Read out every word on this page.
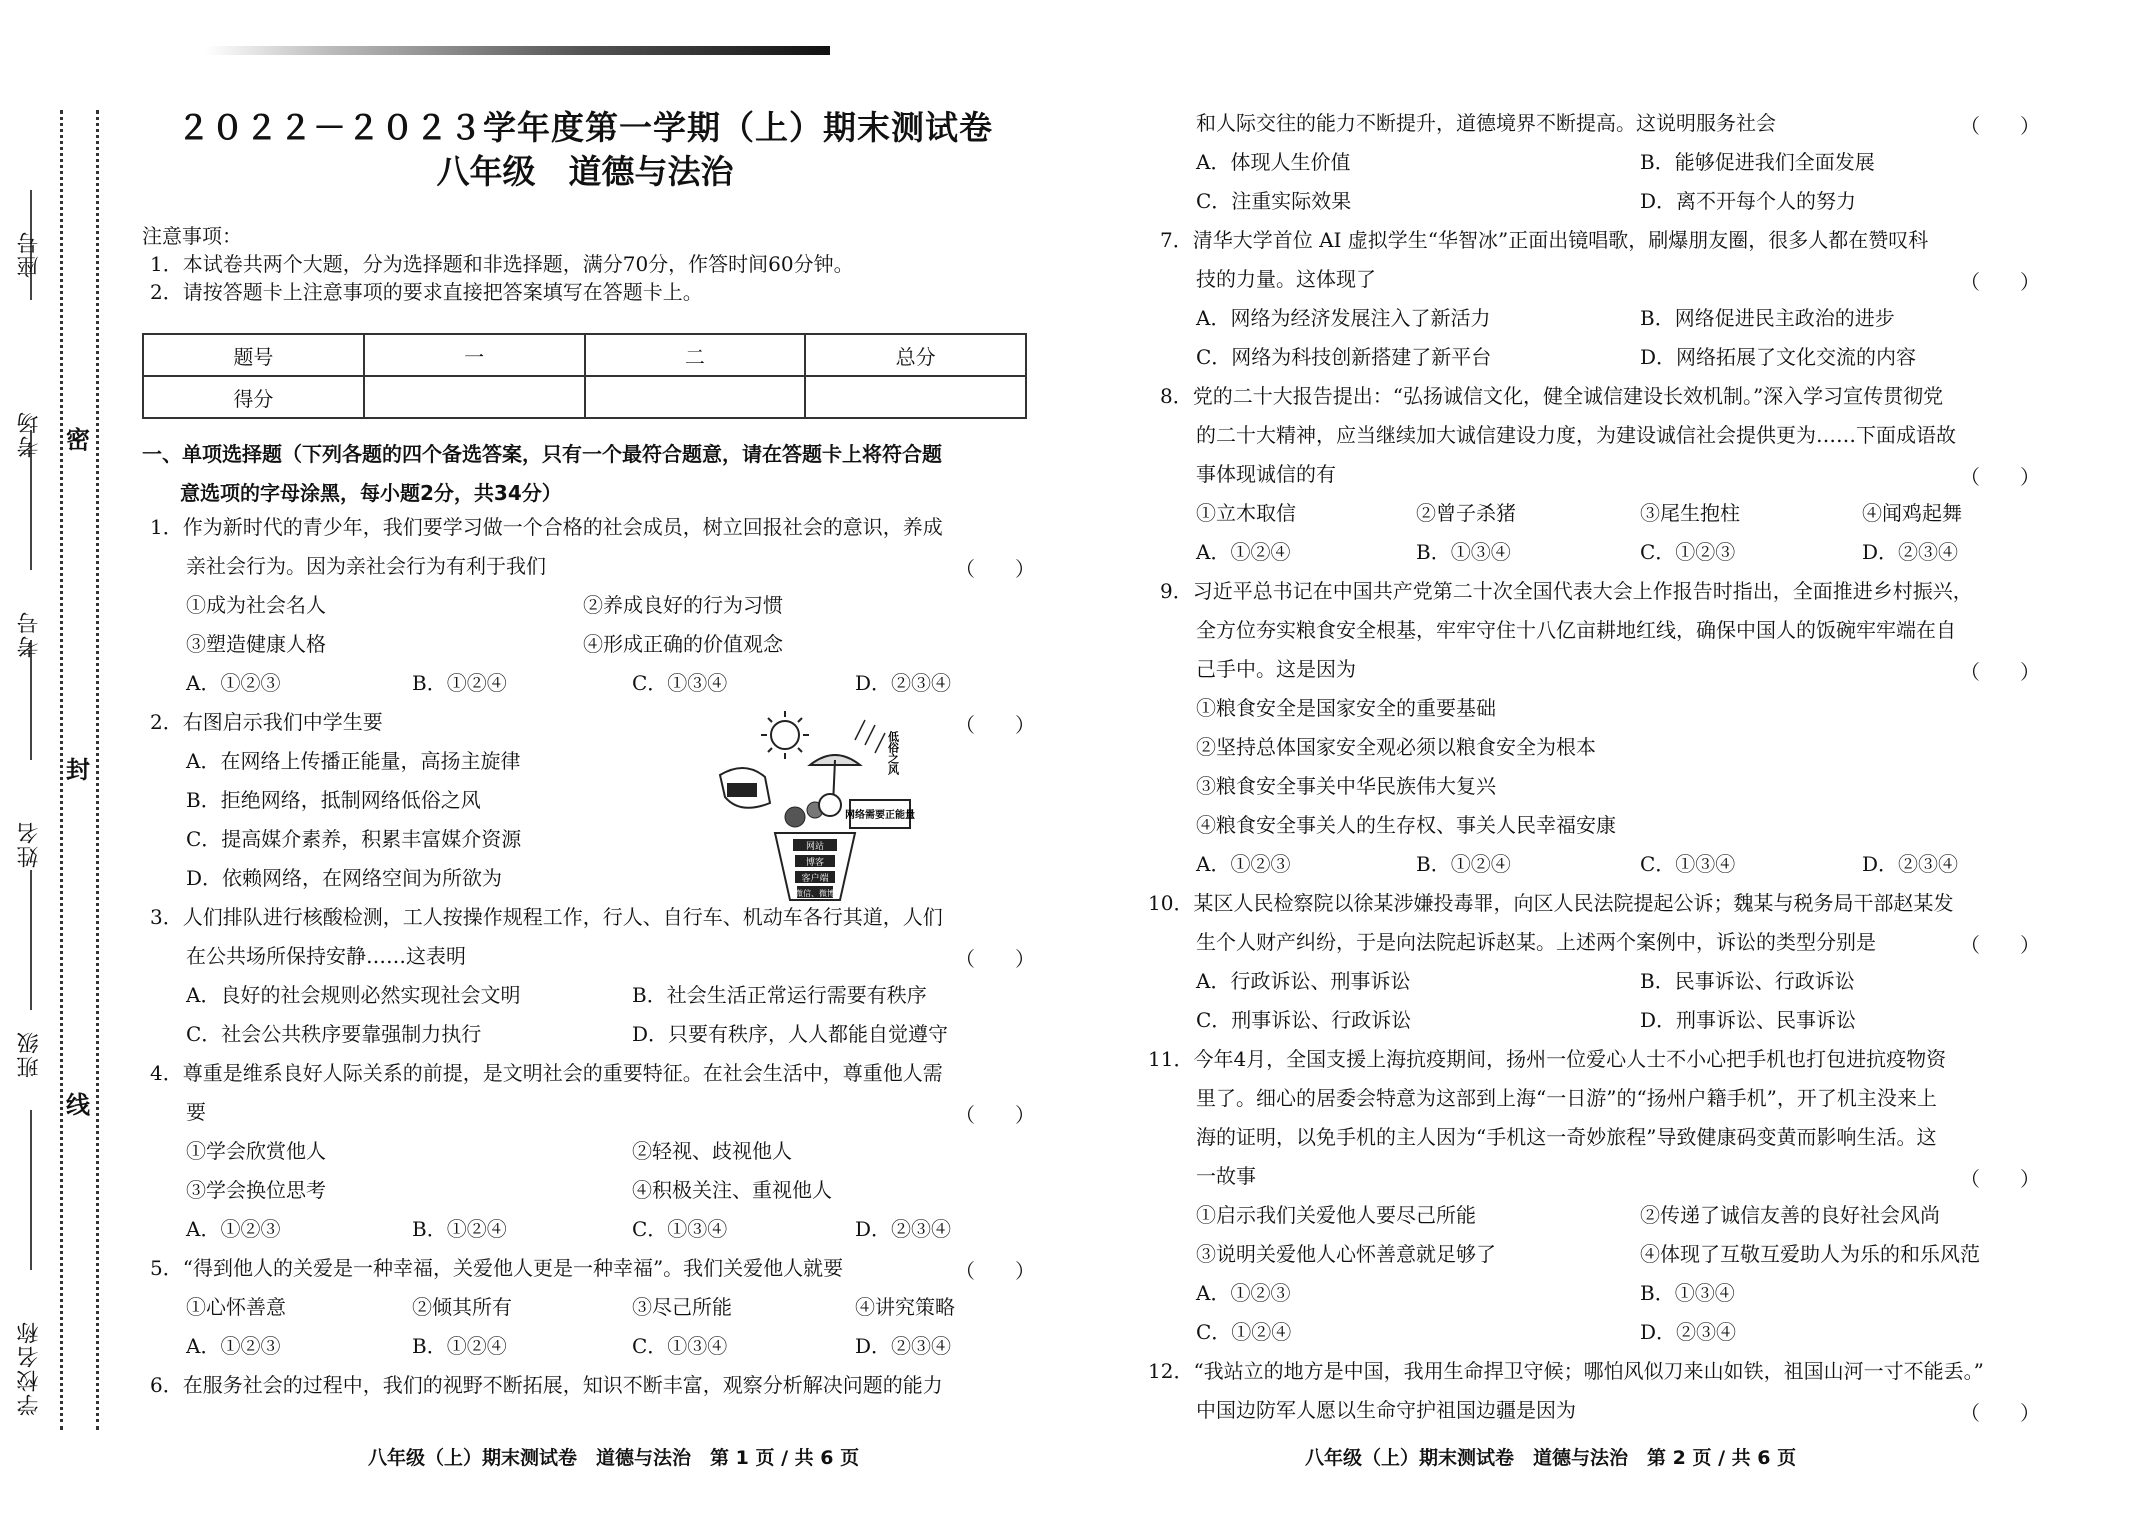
座号
考场
考号
姓名
班级
学校名称
密
封
线
２０２２－２０２３学年度第一学期（上）期末测试卷
八年级　道德与法治
注意事项：
1．本试卷共两个大题，分为选择题和非选择题，满分70分，作答时间60分钟。
2．请按答题卡上注意事项的要求直接把答案填写在答题卡上。
题号	一	二	总分
得分			
一、单项选择题（下列各题的四个备选答案，只有一个最符合题意，请在答题卡上将符合题
意选项的字母涂黑，每小题2分，共34分）
1．作为新时代的青少年，我们要学习做一个合格的社会成员，树立回报社会的意识，养成
亲社会行为。因为亲社会行为有利于我们
①成为社会名人	②养成良好的行为习惯
③塑造健康人格	④形成正确的价值观念
A．①②③	B．①②④	C．①③④	D．②③④
2．右图启示我们中学生要
A．在网络上传播正能量，高扬主旋律
B．拒绝网络，抵制网络低俗之风
C．提高媒介素养，积累丰富媒介资源
D．依赖网络，在网络空间为所欲为
3．人们排队进行核酸检测，工人按操作规程工作，行人、自行车、机动车各行其道，人们
在公共场所保持安静……这表明
A．良好的社会规则必然实现社会文明	B．社会生活正常运行需要有秩序
C．社会公共秩序要靠强制力执行	D．只要有秩序，人人都能自觉遵守
4．尊重是维系良好人际关系的前提，是文明社会的重要特征。在社会生活中，尊重他人需
要
①学会欣赏他人	②轻视、歧视他人
③学会换位思考	④积极关注、重视他人
A．①②③	B．①②④	C．①③④	D．②③④
5．“得到他人的关爱是一种幸福，关爱他人更是一种幸福”。我们关爱他人就要
①心怀善意	②倾其所有	③尽己所能	④讲究策略
A．①②③	B．①②④	C．①③④	D．②③④
6．在服务社会的过程中，我们的视野不断拓展，知识不断丰富，观察分析解决问题的能力
（　　）
（　　）
（　　）
（　　）
（　　）
和人际交往的能力不断提升，道德境界不断提高。这说明服务社会
A．体现人生价值	B．能够促进我们全面发展
C．注重实际效果	D．离不开每个人的努力
7．清华大学首位 AI 虚拟学生“华智冰”正面出镜唱歌，刷爆朋友圈，很多人都在赞叹科
技的力量。这体现了
A．网络为经济发展注入了新活力	B．网络促进民主政治的进步
C．网络为科技创新搭建了新平台	D．网络拓展了文化交流的内容
8．党的二十大报告提出：“弘扬诚信文化，健全诚信建设长效机制。”深入学习宣传贯彻党
的二十大精神，应当继续加大诚信建设力度，为建设诚信社会提供更为……下面成语故
事体现诚信的有
①立木取信	②曾子杀猪	③尾生抱柱	④闻鸡起舞
A．①②④	B．①③④	C．①②③	D．②③④
9．习近平总书记在中国共产党第二十次全国代表大会上作报告时指出，全面推进乡村振兴，
全方位夯实粮食安全根基，牢牢守住十八亿亩耕地红线，确保中国人的饭碗牢牢端在自
己手中。这是因为
①粮食安全是国家安全的重要基础
②坚持总体国家安全观必须以粮食安全为根本
③粮食安全事关中华民族伟大复兴
④粮食安全事关人的生存权、事关人民幸福安康
A．①②③	B．①②④	C．①③④	D．②③④
10．某区人民检察院以徐某涉嫌投毒罪，向区人民法院提起公诉；魏某与税务局干部赵某发
生个人财产纠纷，于是向法院起诉赵某。上述两个案例中，诉讼的类型分别是
A．行政诉讼、刑事诉讼	B．民事诉讼、行政诉讼
C．刑事诉讼、行政诉讼	D．刑事诉讼、民事诉讼
11．今年4月，全国支援上海抗疫期间，扬州一位爱心人士不小心把手机也打包进抗疫物资
里了。细心的居委会特意为这部到上海“一日游”的“扬州户籍手机”，开了机主没来上
海的证明，以免手机的主人因为“手机这一奇妙旅程”导致健康码变黄而影响生活。这
一故事
①启示我们关爱他人要尽己所能	②传递了诚信友善的良好社会风尚
③说明关爱他人心怀善意就足够了	④体现了互敬互爱助人为乐的和乐风范
A．①②③	B．①③④
C．①②④	D．②③④
12．“我站立的地方是中国，我用生命捍卫守候；哪怕风似刀来山如铁，祖国山河一寸不能丢。”
中国边防军人愿以生命守护祖国边疆是因为
（　　）
（　　）
（　　）
（　　）
（　　）
（　　）
（　　）
低俗之风
网络需要正能量
网站
博客
客户端
微信、微博
八年级（上）期末测试卷　道德与法治　第 1 页 / 共 6 页	八年级（上）期末测试卷　道德与法治　第 2 页 / 共 6 页
